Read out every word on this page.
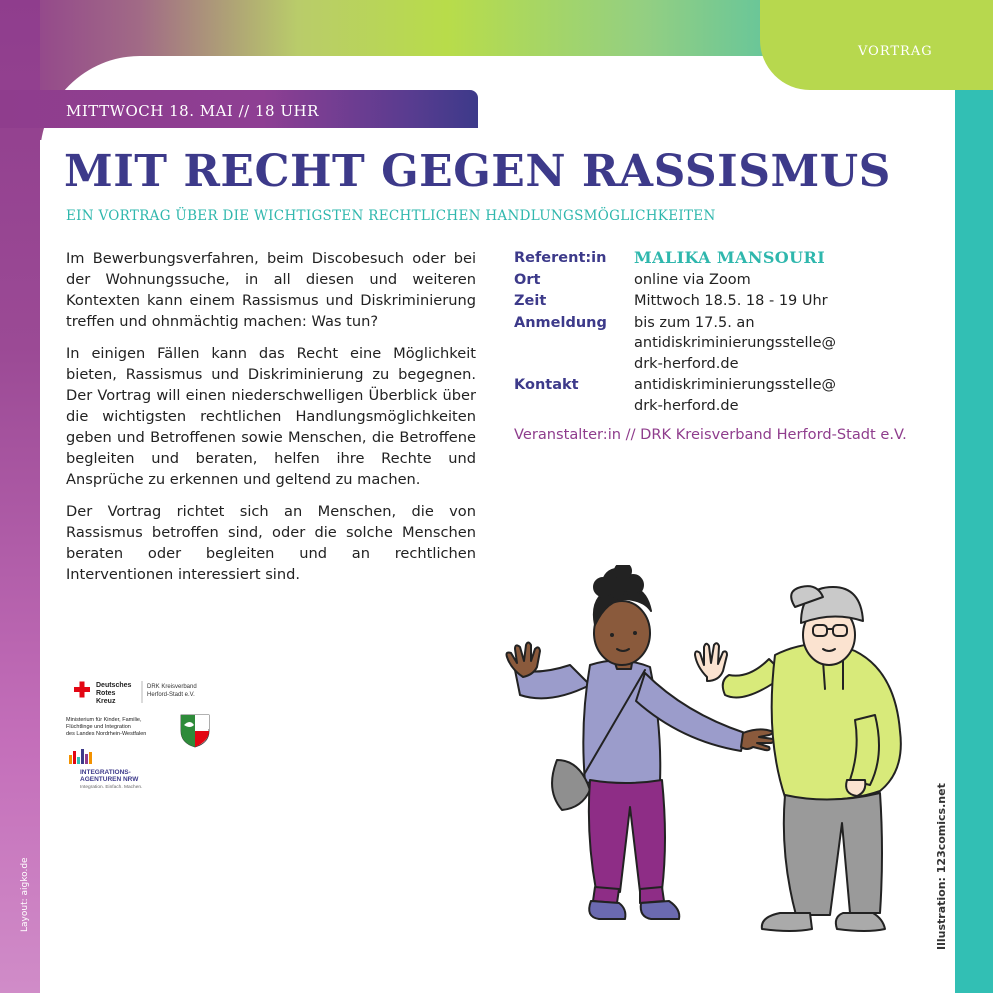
VORTRAG
MITTWOCH 18. MAI // 18 UHR
MIT RECHT GEGEN RASSISMUS
EIN VORTRAG ÜBER DIE WICHTIGSTEN RECHTLICHEN HANDLUNGSMÖGLICHKEITEN

Im Bewerbungsverfahren, beim Discobesuch oder bei der Wohnungssuche, in all diesen und weiteren Kontexten kann einem Rassismus und Diskriminierung treffen und ohnmächtig machen: Was tun?

In einigen Fällen kann das Recht eine Möglichkeit bieten, Rassismus und Diskriminierung zu begegnen. Der Vortrag will einen niederschwelligen Überblick über die wichtigsten rechtlichen Handlungsmöglichkeiten geben und Betroffenen sowie Menschen, die Betroffene begleiten und beraten, helfen ihre Rechte und Ansprüche zu erkennen und geltend zu machen.

Der Vortrag richtet sich an Menschen, die von Rassismus betroffen sind, oder die solche Menschen beraten oder begleiten und an rechtlichen Interventionen interessiert sind.

Referent:in	MALIKA MANSOURI
Ort	online via Zoom
Zeit	Mittwoch 18.5. 18 - 19 Uhr
Anmeldung	bis zum 17.5. an
antidiskriminierungsstelle@
drk-herford.de
Kontakt	antidiskriminierungsstelle@
drk-herford.de
Veranstalter:in // DRK Kreisverband Herford-Stadt e.V.
Deutsches
Rotes
Kreuz
DRK Kreisverband
Herford-Stadt e.V.
Ministerium für Kinder, Familie,
Flüchtlinge und Integration
des Landes Nordrhein-Westfalen
INTEGRATIONS-
AGENTUREN NRW
Integration. Einfach. Machen.
Layout: aigko.de	Illustration: 123comics.net
